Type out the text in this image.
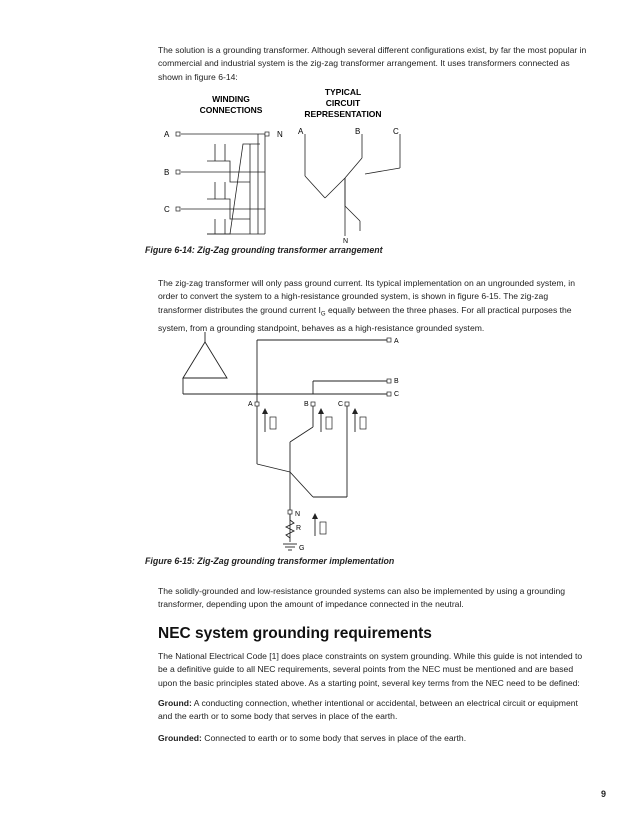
The solution is a grounding transformer. Although several different configurations exist, by far the most popular in commercial and industrial system is the zig-zag transformer arrangement. It uses transformers connected as shown in figure 6-14:
WINDING
CONNECTIONS
TYPICAL
CIRCUIT
REPRESENTATION
A
B
C
N A	B	C
N
Figure 6-14: Zig-Zag grounding transformer arrangement
The zig-zag transformer will only pass ground current. Its typical implementation on an ungrounded system, in order to convert the system to a high-resistance grounded system, is shown in figure 6-15. The zig-zag transformer distributes the ground current $I_G$ equally between the three phases. For all practical purposes the system, from a grounding standpoint, behaves as a high-resistance grounded system.
A
B
C
A	B	C
N
R
G
Figure 6-15: Zig-Zag grounding transformer implementation
The solidly-grounded and low-resistance grounded systems can also be implemented by using a grounding transformer, depending upon the amount of impedance connected in the neutral.
NEC system grounding requirements
The National Electrical Code [1] does place constraints on system grounding. While this guide is not intended to be a definitive guide to all NEC requirements, several points from the NEC must be mentioned and are based upon the basic principles stated above. As a starting point, several key terms from the NEC need to be defined:
Ground: A conducting connection, whether intentional or accidental, between an electrical circuit or equipment and the earth or to some body that serves in place of the earth.
Grounded: Connected to earth or to some body that serves in place of the earth.
9
